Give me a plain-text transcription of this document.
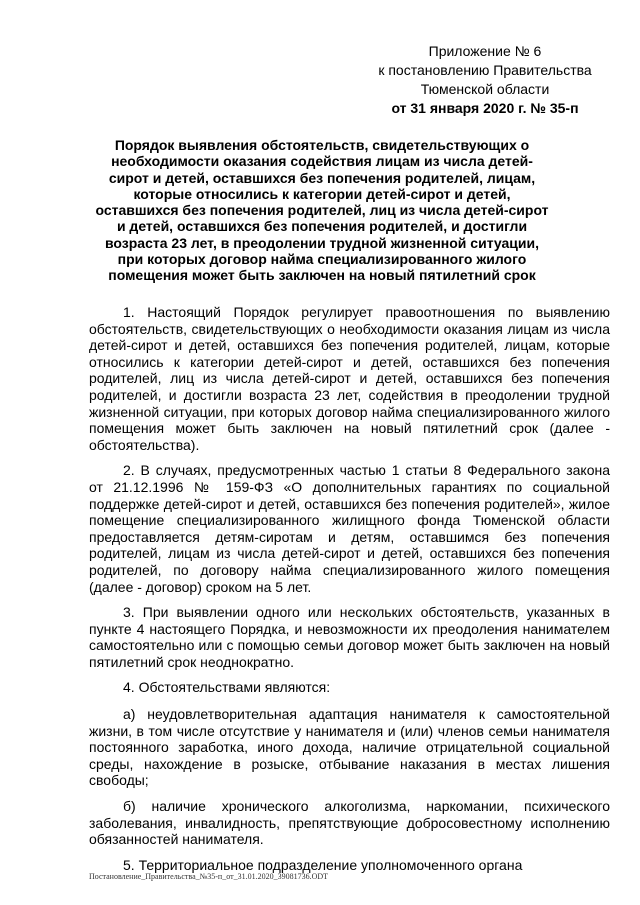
Приложение № 6
к постановлению Правительства
Тюменской области
от 31 января 2020 г. № 35-п
Порядок выявления обстоятельств, свидетельствующих о необходимости оказания содействия лицам из числа детей-сирот и детей, оставшихся без попечения родителей, лицам, которые относились к категории детей-сирот и детей, оставшихся без попечения родителей, лиц из числа детей-сирот и детей, оставшихся без попечения родителей, и достигли возраста 23 лет, в преодолении трудной жизненной ситуации, при которых договор найма специализированного жилого помещения может быть заключен на новый пятилетний срок

1. Настоящий Порядок регулирует правоотношения по выявлению обстоятельств, свидетельствующих о необходимости оказания лицам из числа детей-сирот и детей, оставшихся без попечения родителей, лицам, которые относились к категории детей-сирот и детей, оставшихся без попечения родителей, лиц из числа детей-сирот и детей, оставшихся без попечения родителей, и достигли возраста 23 лет, содействия в преодолении трудной жизненной ситуации, при которых договор найма специализированного жилого помещения может быть заключен на новый пятилетний срок (далее - обстоятельства).

2. В случаях, предусмотренных частью 1 статьи 8 Федерального закона от 21.12.1996 № 159-ФЗ «О дополнительных гарантиях по социальной поддержке детей-сирот и детей, оставшихся без попечения родителей», жилое помещение специализированного жилищного фонда Тюменской области предоставляется детям-сиротам и детям, оставшимся без попечения родителей, лицам из числа детей-сирот и детей, оставшихся без попечения родителей, по договору найма специализированного жилого помещения (далее - договор) сроком на 5 лет.

3. При выявлении одного или нескольких обстоятельств, указанных в пункте 4 настоящего Порядка, и невозможности их преодоления нанимателем самостоятельно или с помощью семьи договор может быть заключен на новый пятилетний срок неоднократно.

4. Обстоятельствами являются:

а) неудовлетворительная адаптация нанимателя к самостоятельной жизни, в том числе отсутствие у нанимателя и (или) членов семьи нанимателя постоянного заработка, иного дохода, наличие отрицательной социальной среды, нахождение в розыске, отбывание наказания в местах лишения свободы;

б) наличие хронического алкоголизма, наркомании, психического заболевания, инвалидность, препятствующие добросовестному исполнению обязанностей нанимателя.

5. Территориальное подразделение уполномоченного органа

Постановление_Правительства_№35-п_от_31.01.2020_39081736.ODT
